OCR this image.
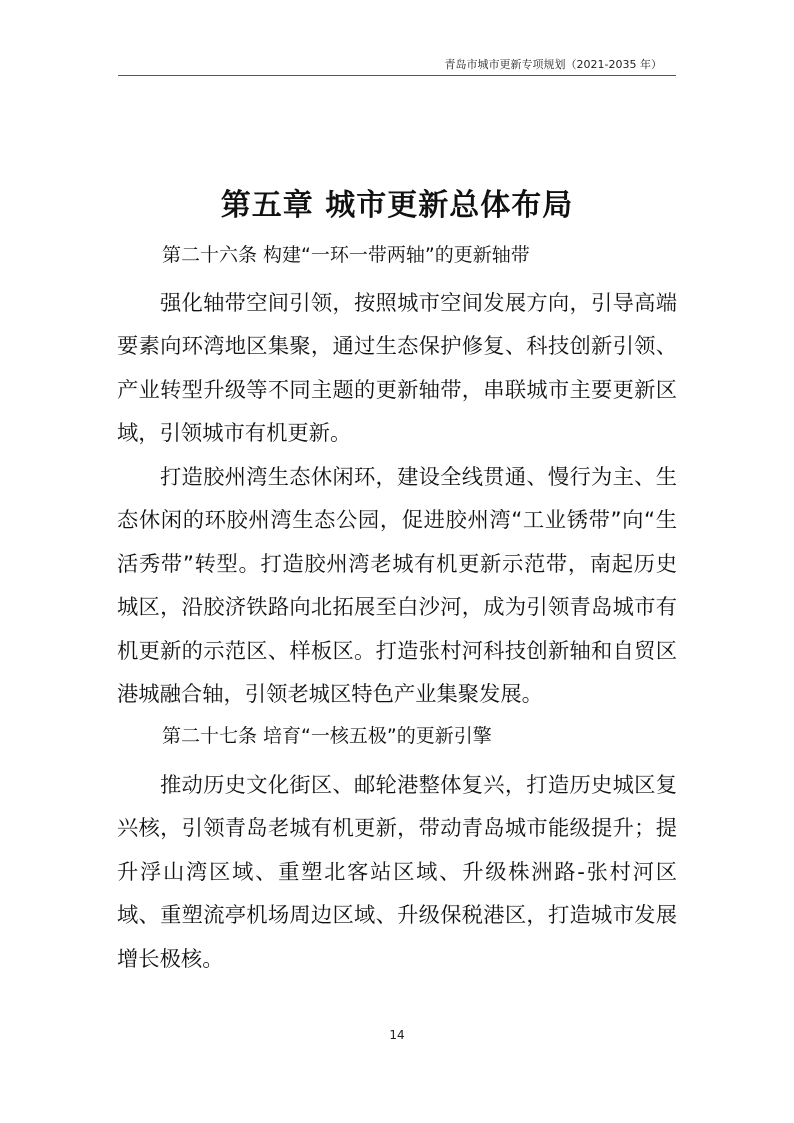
青岛市城市更新专项规划（2021-2035 年）
第五章 城市更新总体布局
第二十六条 构建“一环一带两轴”的更新轴带

强化轴带空间引领，按照城市空间发展方向，引导高端要素向环湾地区集聚，通过生态保护修复、科技创新引领、产业转型升级等不同主题的更新轴带，串联城市主要更新区域，引领城市有机更新。

打造胶州湾生态休闲环，建设全线贯通、慢行为主、生态休闲的环胶州湾生态公园，促进胶州湾“工业锈带”向“生活秀带”转型。打造胶州湾老城有机更新示范带，南起历史城区，沿胶济铁路向北拓展至白沙河，成为引领青岛城市有机更新的示范区、样板区。打造张村河科技创新轴和自贸区港城融合轴，引领老城区特色产业集聚发展。

第二十七条 培育“一核五极”的更新引擎

推动历史文化街区、邮轮港整体复兴，打造历史城区复兴核，引领青岛老城有机更新，带动青岛城市能级提升；提升浮山湾区域、重塑北客站区域、升级株洲路-张村河区域、重塑流亭机场周边区域、升级保税港区，打造城市发展增长极核。

14
